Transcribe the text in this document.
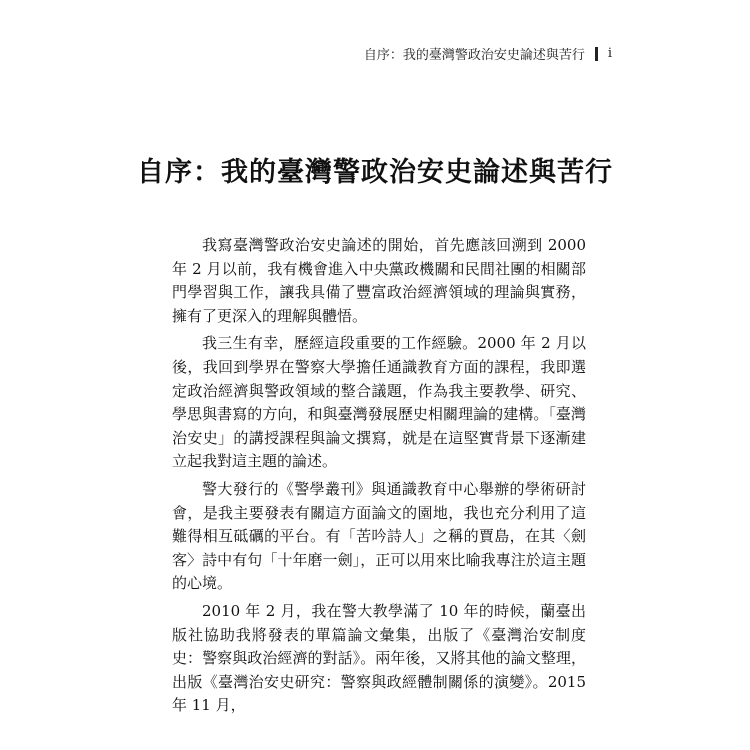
自序：我的臺灣警政治安史論述與苦行 i
自序：我的臺灣警政治安史論述與苦行

我寫臺灣警政治安史論述的開始，首先應該回溯到 2000 年 2 月以前，我有機會進入中央黨政機關和民間社團的相關部門學習與工作，讓我具備了豐富政治經濟領域的理論與實務，擁有了更深入的理解與體悟。

我三生有幸，歷經這段重要的工作經驗。2000 年 2 月以後，我回到學界在警察大學擔任通識教育方面的課程，我即選定政治經濟與警政領域的整合議題，作為我主要教學、研究、學思與書寫的方向，和與臺灣發展歷史相關理論的建構。「臺灣治安史」的講授課程與論文撰寫，就是在這堅實背景下逐漸建立起我對這主題的論述。

警大發行的《警學叢刊》與通識教育中心舉辦的學術研討會，是我主要發表有關這方面論文的園地，我也充分利用了這難得相互砥礪的平台。有「苦吟詩人」之稱的賈島，在其〈劍客〉詩中有句「十年磨一劍」，正可以用來比喻我專注於這主題的心境。

2010 年 2 月，我在警大教學滿了 10 年的時候，蘭臺出版社協助我將發表的單篇論文彙集，出版了《臺灣治安制度史：警察與政治經濟的對話》。兩年後，又將其他的論文整理，出版《臺灣治安史研究：警察與政經體制關係的演變》。2015 年 11 月，
